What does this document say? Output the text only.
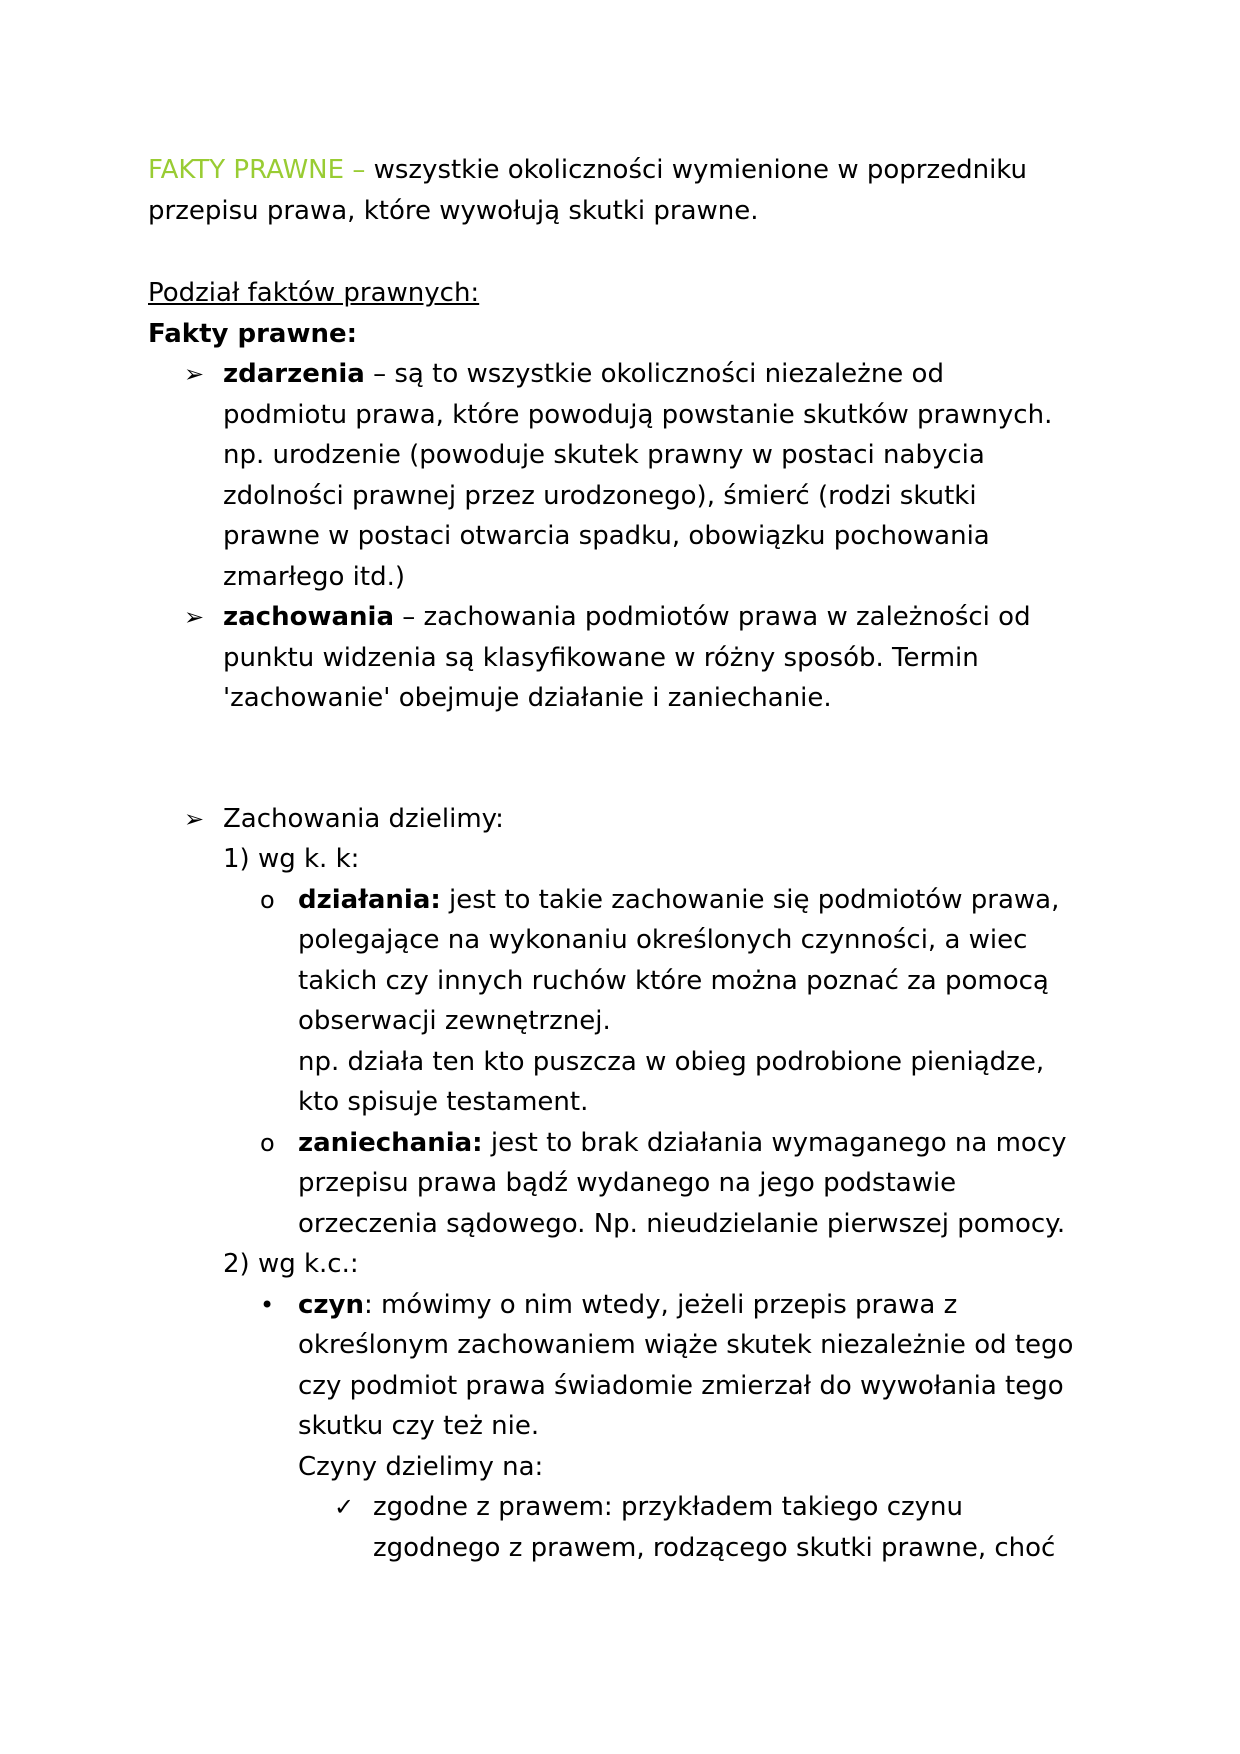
FAKTY PRAWNE – wszystkie okoliczności wymienione w poprzedniku

przepisu prawa, które wywołują skutki prawne.

Podział faktów prawnych:

Fakty prawne:

➢ zdarzenia – są to wszystkie okoliczności niezależne od

podmiotu prawa, które powodują powstanie skutków prawnych.

np. urodzenie (powoduje skutek prawny w postaci nabycia

zdolności prawnej przez urodzonego), śmierć (rodzi skutki

prawne w postaci otwarcia spadku, obowiązku pochowania

zmarłego itd.)

➢ zachowania – zachowania podmiotów prawa w zależności od

punktu widzenia są klasyfikowane w różny sposób. Termin

'zachowanie' obejmuje działanie i zaniechanie.

➢ Zachowania dzielimy:

1) wg k. k:

o działania: jest to takie zachowanie się podmiotów prawa,

polegające na wykonaniu określonych czynności, a wiec

takich czy innych ruchów które można poznać za pomocą

obserwacji zewnętrznej.

np. działa ten kto puszcza w obieg podrobione pieniądze,

kto spisuje testament.

o zaniechania: jest to brak działania wymaganego na mocy

przepisu prawa bądź wydanego na jego podstawie

orzeczenia sądowego. Np. nieudzielanie pierwszej pomocy.

2) wg k.c.:

• czyn: mówimy o nim wtedy, jeżeli przepis prawa z

określonym zachowaniem wiąże skutek niezależnie od tego

czy podmiot prawa świadomie zmierzał do wywołania tego

skutku czy też nie.

Czyny dzielimy na:

✓ zgodne z prawem: przykładem takiego czynu

zgodnego z prawem, rodzącego skutki prawne, choć
